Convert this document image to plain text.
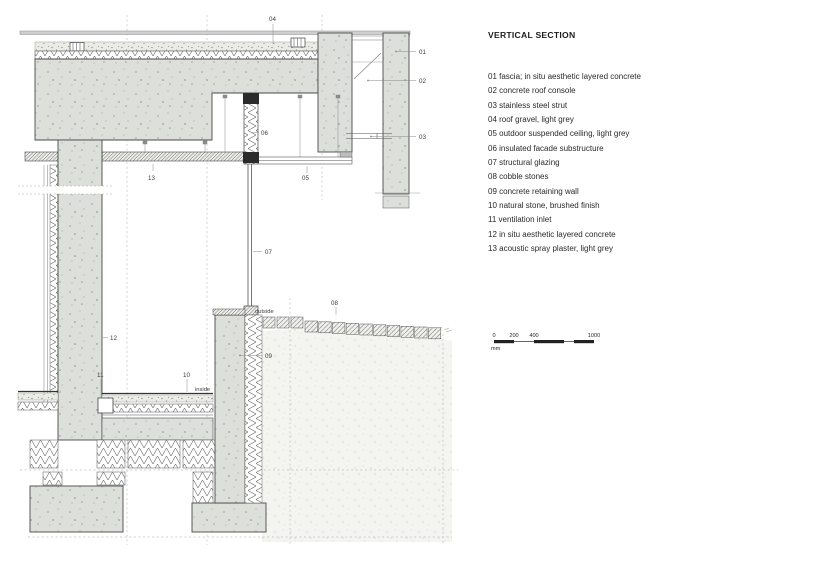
04
01
02
03
06
13	05
07
08
09
12
11	10
outside
inside
0 200 400	1000
mm
VERTICAL SECTION
01 fascia; in situ aesthetic layered concrete
02 concrete roof console
03 stainless steel strut
04 roof gravel, light grey
05 outdoor suspended ceiling, light grey
06 insulated facade substructure
07 structural glazing
08 cobble stones
09 concrete retaining wall
10 natural stone, brushed finish
11 ventilation inlet
12 in situ aesthetic layered concrete
13 acoustic spray plaster, light grey
